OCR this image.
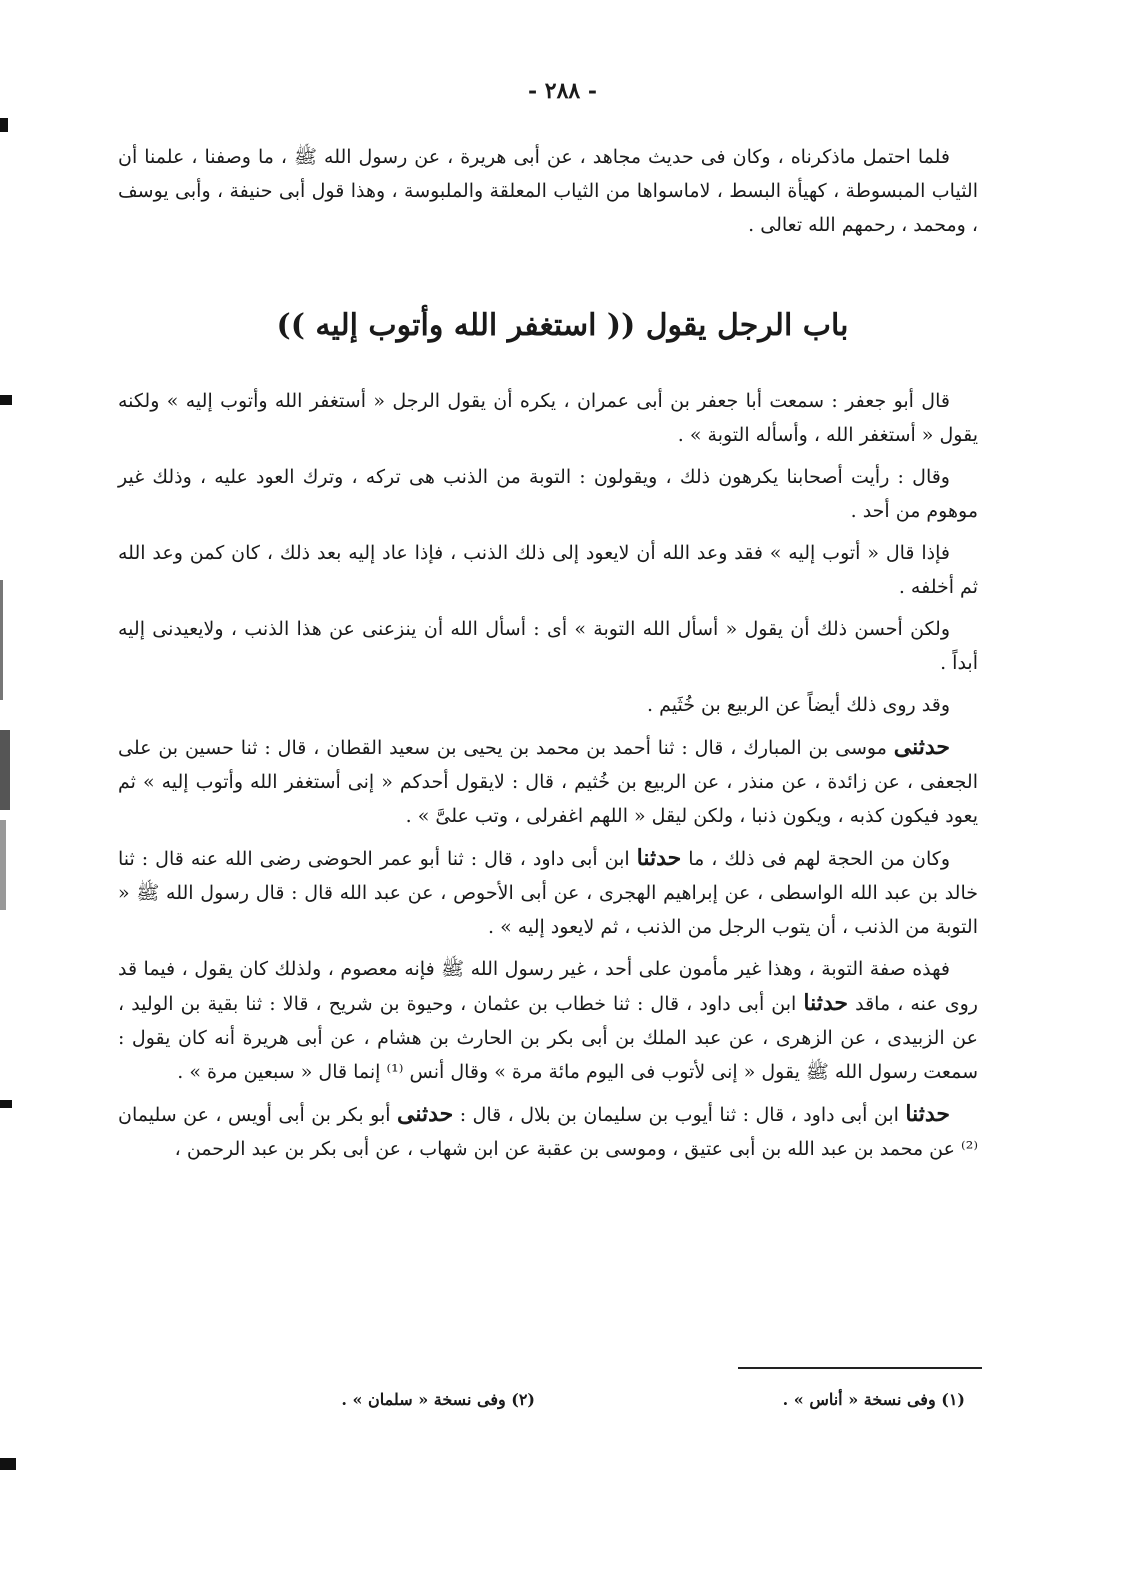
- ٢٨٨ -

فلما احتمل ماذكرناه ، وكان فى حديث مجاهد ، عن أبى هريرة ، عن رسول الله ﷺ ، ما وصفنا ، علمنا أن الثياب المبسوطة ، كهيأة البسط ، لاماسواها من الثياب المعلقة والملبوسة ، وهذا قول أبى حنيفة ، وأبى يوسف ، ومحمد ، رحمهم الله تعالى .

باب الرجل يقول (( استغفر الله وأتوب إليه ))

قال أبو جعفر : سمعت أبا جعفر بن أبى عمران ، يكره أن يقول الرجل « أستغفر الله وأتوب إليه » ولكنه يقول « أستغفر الله ، وأسأله التوبة » .

وقال : رأيت أصحابنا يكرهون ذلك ، ويقولون : التوبة من الذنب هى تركه ، وترك العود عليه ، وذلك غير موهوم من أحد .

فإذا قال « أتوب إليه » فقد وعد الله أن لايعود إلى ذلك الذنب ، فإذا عاد إليه بعد ذلك ، كان كمن وعد الله ثم أخلفه .

ولكن أحسن ذلك أن يقول « أسأل الله التوبة » أى : أسأل الله أن ينزعنى عن هذا الذنب ، ولايعيدنى إليه أبداً .

وقد روى ذلك أيضاً عن الربيع بن خُثَيم .

حدثنى موسى بن المبارك ، قال : ثنا أحمد بن محمد بن يحيى بن سعيد القطان ، قال : ثنا حسين بن على الجعفى ، عن زائدة ، عن منذر ، عن الربيع بن خُثيم ، قال : لايقول أحدكم « إنى أستغفر الله وأتوب إليه » ثم يعود فيكون كذبه ، ويكون ذنبا ، ولكن ليقل « اللهم اغفرلى ، وتب علىَّ » .

وكان من الحجة لهم فى ذلك ، ما حدثنا ابن أبى داود ، قال : ثنا أبو عمر الحوضى رضى الله عنه قال : ثنا خالد بن عبد الله الواسطى ، عن إبراهيم الهجرى ، عن أبى الأحوص ، عن عبد الله قال : قال رسول الله ﷺ « التوبة من الذنب ، أن يتوب الرجل من الذنب ، ثم لايعود إليه » .

فهذه صفة التوبة ، وهذا غير مأمون على أحد ، غير رسول الله ﷺ فإنه معصوم ، ولذلك كان يقول ، فيما قد روى عنه ، ماقد حدثنا ابن أبى داود ، قال : ثنا خطاب بن عثمان ، وحيوة بن شريح ، قالا : ثنا بقية بن الوليد ، عن الزبيدى ، عن الزهرى ، عن عبد الملك بن أبى بكر بن الحارث بن هشام ، عن أبى هريرة أنه كان يقول : سمعت رسول الله ﷺ يقول « إنى لأتوب فى اليوم مائة مرة » وقال أنس ⁽¹⁾ إنما قال « سبعين مرة » .

حدثنا ابن أبى داود ، قال : ثنا أيوب بن سليمان بن بلال ، قال : حدثنى أبو بكر بن أبى أويس ، عن سليمان ⁽²⁾ عن محمد بن عبد الله بن أبى عتيق ، وموسى بن عقبة عن ابن شهاب ، عن أبى بكر بن عبد الرحمن ،

(١) وفى نسخة « أناس » .
(٢) وفى نسخة « سلمان » .
